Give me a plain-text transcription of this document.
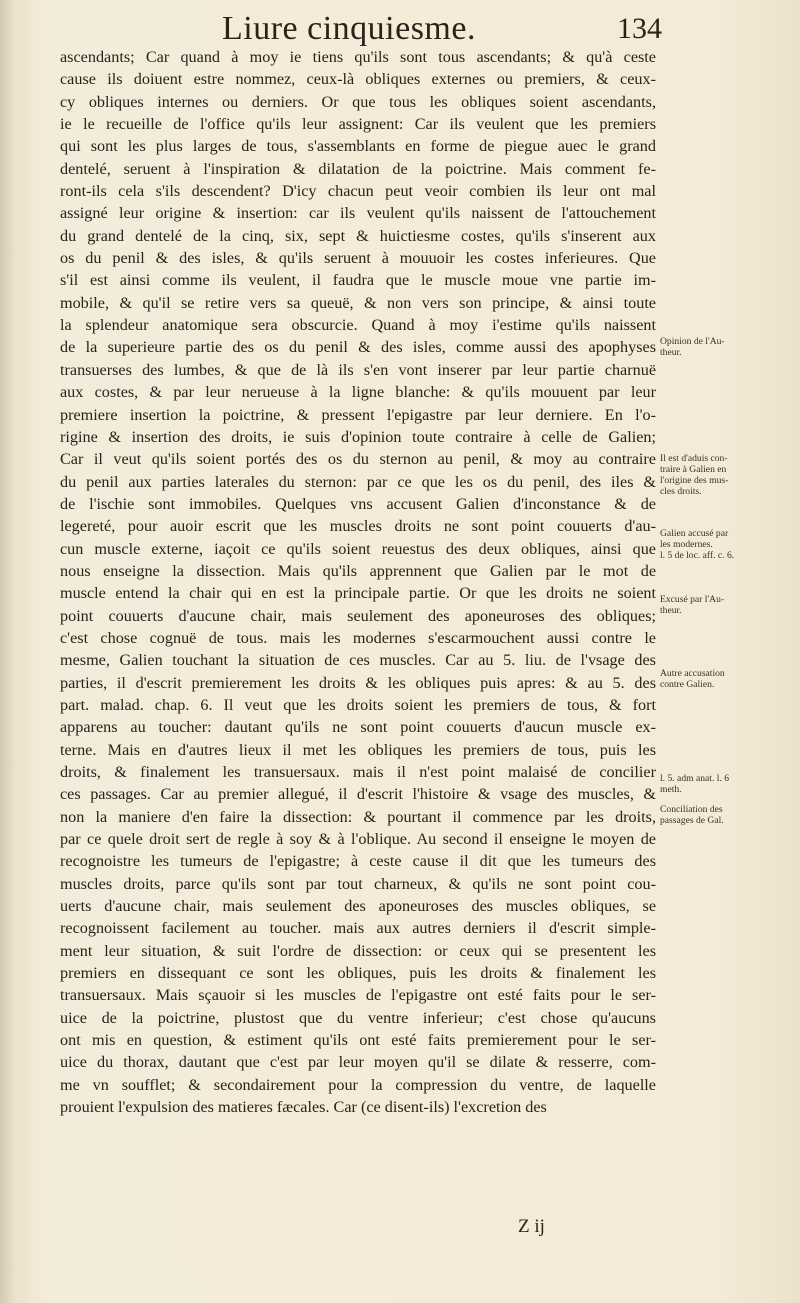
Liure cinquiesme.	134
ascendants; Car quand à moy ie tiens qu'ils sont tous ascendants; & qu'à ceste
cause ils doiuent estre nommez, ceux-là obliques externes ou premiers, & ceux-
cy obliques internes ou derniers. Or que tous les obliques soient ascendants,
ie le recueille de l'office qu'ils leur assignent: Car ils veulent que les premiers
qui sont les plus larges de tous, s'assemblants en forme de piegue auec le grand
dentelé, seruent à l'inspiration & dilatation de la poictrine. Mais comment fe-
ront-ils cela s'ils descendent? D'icy chacun peut veoir combien ils leur ont mal
assigné leur origine & insertion: car ils veulent qu'ils naissent de l'attouchement
du grand dentelé de la cinq, six, sept & huictiesme costes, qu'ils s'inserent aux
os du penil & des isles, & qu'ils seruent à mouuoir les costes inferieures. Que
s'il est ainsi comme ils veulent, il faudra que le muscle moue vne partie im-
mobile, & qu'il se retire vers sa queuë, & non vers son principe, & ainsi toute
la splendeur anatomique sera obscurcie. Quand à moy i'estime qu'ils naissent
de la superieure partie des os du penil & des isles, comme aussi des apophyses
transuerses des lumbes, & que de là ils s'en vont inserer par leur partie charnuë
aux costes, & par leur nerueuse à la ligne blanche: & qu'ils mouuent par leur
premiere insertion la poictrine, & pressent l'epigastre par leur derniere. En l'o-
rigine & insertion des droits, ie suis d'opinion toute contraire à celle de Galien;
Car il veut qu'ils soient portés des os du sternon au penil, & moy au contraire
du penil aux parties laterales du sternon: par ce que les os du penil, des iles &
de l'ischie sont immobiles. Quelques vns accusent Galien d'inconstance & de
legereté, pour auoir escrit que les muscles droits ne sont point couuerts d'au-
cun muscle externe, iaçoit ce qu'ils soient reuestus des deux obliques, ainsi que
nous enseigne la dissection. Mais qu'ils apprennent que Galien par le mot de
muscle entend la chair qui en est la principale partie. Or que les droits ne soient
point couuerts d'aucune chair, mais seulement des aponeuroses des obliques;
c'est chose cognuë de tous. mais les modernes s'escarmouchent aussi contre le
mesme, Galien touchant la situation de ces muscles. Car au 5. liu. de l'vsage des
parties, il d'escrit premierement les droits & les obliques puis apres: & au 5. des
part. malad. chap. 6. Il veut que les droits soient les premiers de tous, & fort
apparens au toucher: dautant qu'ils ne sont point couuerts d'aucun muscle ex-
terne. Mais en d'autres lieux il met les obliques les premiers de tous, puis les
droits, & finalement les transuersaux. mais il n'est point malaisé de concilier
ces passages. Car au premier allegué, il d'escrit l'histoire & vsage des muscles, &
non la maniere d'en faire la dissection: & pourtant il commence par les droits,
par ce quele droit sert de regle à soy & à l'oblique. Au second il enseigne le moyen de
recognoistre les tumeurs de l'epigastre; à ceste cause il dit que les tumeurs des
muscles droits, parce qu'ils sont par tout charneux, & qu'ils ne sont point cou-
uerts d'aucune chair, mais seulement des aponeuroses des muscles obliques, se
recognoissent facilement au toucher. mais aux autres derniers il d'escrit simple-
ment leur situation, & suit l'ordre de dissection: or ceux qui se presentent les
premiers en dissequant ce sont les obliques, puis les droits & finalement les
transuersaux. Mais sçauoir si les muscles de l'epigastre ont esté faits pour le ser-
uice de la poictrine, plustost que du ventre inferieur; c'est chose qu'aucuns
ont mis en question, & estiment qu'ils ont esté faits premierement pour le ser-
uice du thorax, dautant que c'est par leur moyen qu'il se dilate & resserre, com-
me vn soufflet; & secondairement pour la compression du ventre, de laquelle
prouient l'expulsion des matieres fæcales. Car (ce disent-ils) l'excretion des
Opinion de l'Au-
theur.
Il est d'aduis con-
traire à Galien en
l'origine des mus-
cles droits.
Galien accusé par
les modernes.
l. 5 de loc. aff. c. 6.
Excusé par l'Au-
theur.
Autre accusation
contre Galien.
l. 5. adm anat. l. 6
meth.
Conciliation des
passages de Gal.
Z ij
